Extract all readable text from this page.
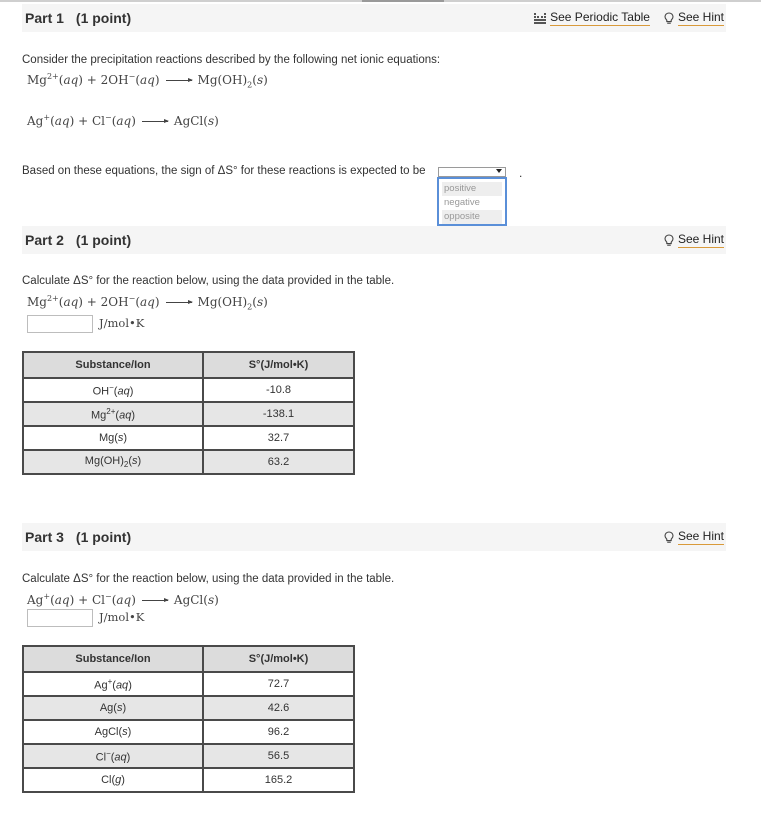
Part 1 (1 point)	See Periodic Table See Hint
Consider the precipitation reactions described by the following net ionic equations:
$Mg^{2+}(aq) + 2OH^-(aq) \to Mg(OH)_2(s)$
Ag+(aq) + Cl−(aq) → AgCl(s)
Based on these equations, the sign of ΔS° for these reactions is expected to be
positive
negative
opposite
.
Part 2 (1 point)	See Hint
Calculate ΔS° for the reaction below, using the data provided in the table.
$Mg^{2+}(aq) + 2OH^-(aq) \to Mg(OH)_2(s)$
J/mol•K
Substance/Ion	S°(J/mol•K)
OH−(aq)	-10.8
$Mg^{2+}(aq)$	-138.1
Mg(s)	32.7
$Mg(OH)_2(s)$	63.2
Part 3 (1 point)	See Hint
Calculate ΔS° for the reaction below, using the data provided in the table.
Ag+(aq) + Cl−(aq) → AgCl(s)
J/mol•K
Substance/Ion	S°(J/mol•K)
Ag+(aq)	72.7
Ag(s)	42.6
AgCl(s)	96.2
Cl−(aq)	56.5
Cl(g)	165.2
